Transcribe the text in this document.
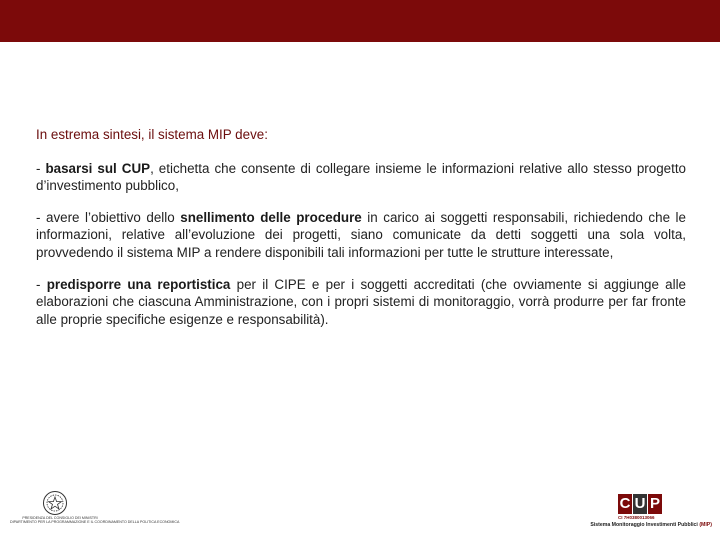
In estrema sintesi, il sistema MIP deve:

- basarsi sul CUP, etichetta che consente di collegare insieme le informazioni relative allo stesso progetto d’investimento pubblico,

- avere l’obiettivo dello snellimento delle procedure in carico ai soggetti responsabili, richiedendo che le informazioni, relative all’evoluzione dei progetti, siano comunicate da detti soggetti una sola volta, provvedendo il sistema MIP a rendere disponibili tali informazioni per tutte le strutture interessate,

- predisporre una reportistica per il CIPE e per i soggetti accreditati (che ovviamente si aggiunge alle elaborazioni che ciascuna Amministrazione, con i propri sistemi di monitoraggio, vorrà produrre per far fronte alle proprie specifiche esigenze e responsabilità).

PRESIDENZA DEL CONSIGLIO DEI MINISTRI
DIPARTIMENTO PER LA PROGRAMMAZIONE E IL COORDINAMENTO DELLA POLITICA ECONOMICA
C U P
CI 7H0380013066
Sistema Monitoraggio Investimenti Pubblici (MIP)
